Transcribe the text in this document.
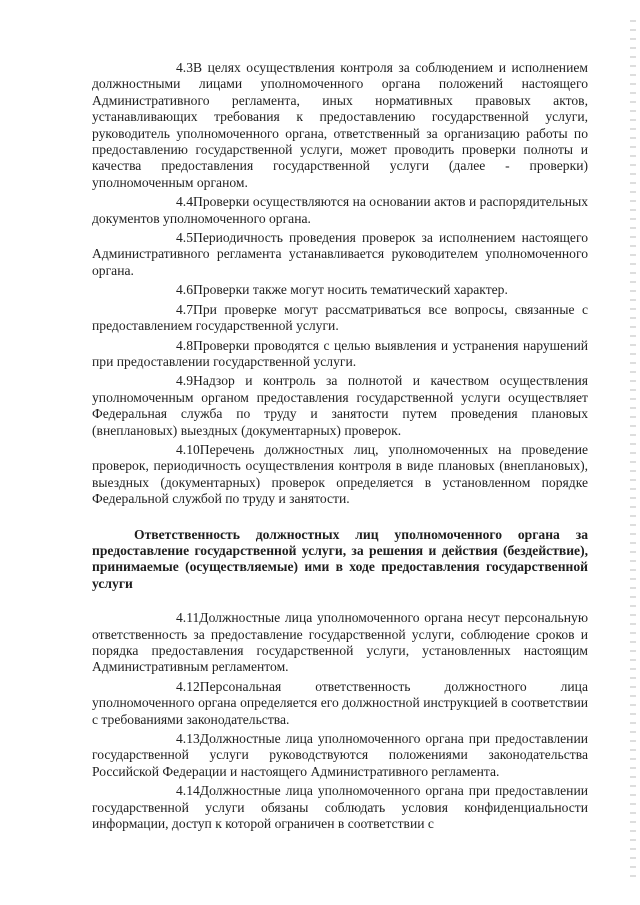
4.3В целях осуществления контроля за соблюдением и исполнением должностными лицами уполномоченного органа положений настоящего Административного регламента, иных нормативных правовых актов, устанавливающих требования к предоставлению государственной услуги, руководитель уполномоченного органа, ответственный за организацию работы по предоставлению государственной услуги, может проводить проверки полноты и качества предоставления государственной услуги (далее - проверки) уполномоченным органом.

4.4Проверки осуществляются на основании актов и распорядительных документов уполномоченного органа.

4.5Периодичность проведения проверок за исполнением настоящего Административного регламента устанавливается руководителем уполномоченного органа.

4.6Проверки также могут носить тематический характер.

4.7При проверке могут рассматриваться все вопросы, связанные с предоставлением государственной услуги.

4.8Проверки проводятся с целью выявления и устранения нарушений при предоставлении государственной услуги.

4.9Надзор и контроль за полнотой и качеством осуществления уполномоченным органом предоставления государственной услуги осуществляет Федеральная служба по труду и занятости путем проведения плановых (внеплановых) выездных (документарных) проверок.

4.10Перечень должностных лиц, уполномоченных на проведение проверок, периодичность осуществления контроля в виде плановых (внеплановых), выездных (документарных) проверок определяется в установленном порядке Федеральной службой по труду и занятости.

Ответственность должностных лиц уполномоченного органа за предоставление государственной услуги, за решения и действия (бездействие), принимаемые (осуществляемые) ими в ходе предоставления государственной услуги

4.11Должностные лица уполномоченного органа несут персональную ответственность за предоставление государственной услуги, соблюдение сроков и порядка предоставления государственной услуги, установленных настоящим Административным регламентом.

4.12Персональная ответственность должностного лица уполномоченного органа определяется его должностной инструкцией в соответствии с требованиями законодательства.

4.13Должностные лица уполномоченного органа при предоставлении государственной услуги руководствуются положениями законодательства Российской Федерации и настоящего Административного регламента.

4.14Должностные лица уполномоченного органа при предоставлении государственной услуги обязаны соблюдать условия конфиденциальности информации, доступ к которой ограничен в соответствии с
